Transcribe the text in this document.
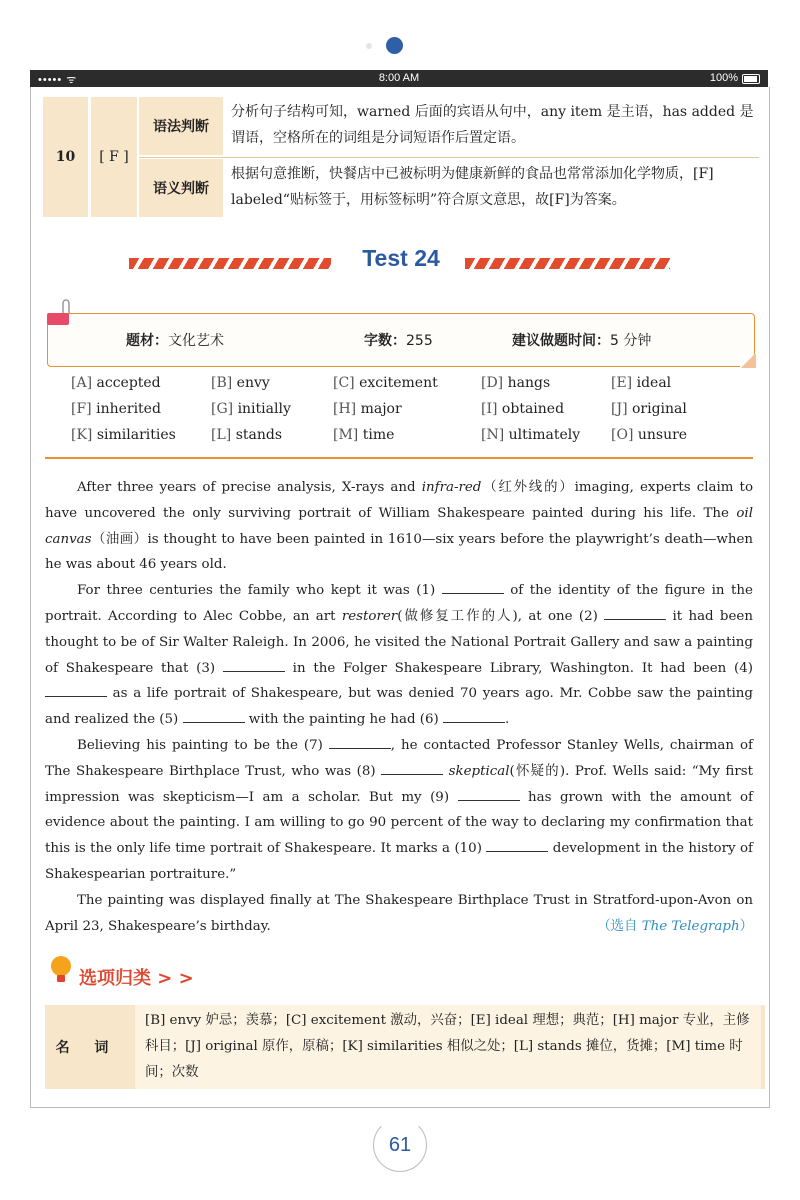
••••• ᯤ	8:00 AM	100%
10	[ F ]
语法判断
分析句子结构可知，warned 后面的宾语从句中，any item 是主语，has added 是谓语，空格所在的词组是分词短语作后置定语。
语义判断
根据句意推断，快餐店中已被标明为健康新鲜的食品也常常添加化学物质，[F] labeled“贴标签于，用标签标明”符合原文意思，故[F]为答案。
Test 24
题材：文化艺术	字数：255	建议做题时间：5 分钟
[A] accepted	[B] envy	[C] excitement	[D] hangs	[E] ideal
[F] inherited	[G] initially	[H] major	[I] obtained	[J] original
[K] similarities	[L] stands	[M] time	[N] ultimately [O] unsure

After three years of precise analysis, X-rays and infra-red（红外线的）imaging, experts claim to have uncovered the only surviving portrait of William Shakespeare painted during his life. The oil canvas（油画）is thought to have been painted in 1610—six years before the playwright’s death—when he was about 46 years old.

For three centuries the family who kept it was (1)	of the identity of the figure in the portrait. According to Alec Cobbe, an art restorer(做修复工作的人), at one (2)	it had been thought to be of Sir Walter Raleigh. In 2006, he visited the National Portrait Gallery and saw a painting of Shakespeare that (3)	in the Folger Shakespeare Library, Washington. It had been (4)  as a life portrait of Shakespeare, but was denied 70 years ago. Mr. Cobbe saw the painting and realized the (5)	with the painting he had (6)	.

Believing his painting to be the (7)	, he contacted Professor Stanley Wells, chairman of The Shakespeare Birthplace Trust, who was (8)	skeptical(怀疑的). Prof. Wells said: “My first impression was skepticism—I am a scholar. But my (9)	has grown with the amount of evidence about the painting. I am willing to go 90 percent of the way to declaring my confirmation that this is the only life time portrait of Shakespeare. It marks a (10)	development in the history of Shakespearian portraiture.”

The painting was displayed finally at The Shakespeare Birthplace Trust in Stratford-upon-Avon on April 23, Shakespeare’s birthday.	（选自 The Telegraph）

选项归类 > >
名 词
[B] envy 妒忌；羡慕；[C] excitement 激动，兴奋；[E] ideal 理想；典范；[H] major 专业，主修科目；[J] original 原作，原稿；[K] similarities 相似之处；[L] stands 摊位，货摊；[M] time 时间；次数
61
